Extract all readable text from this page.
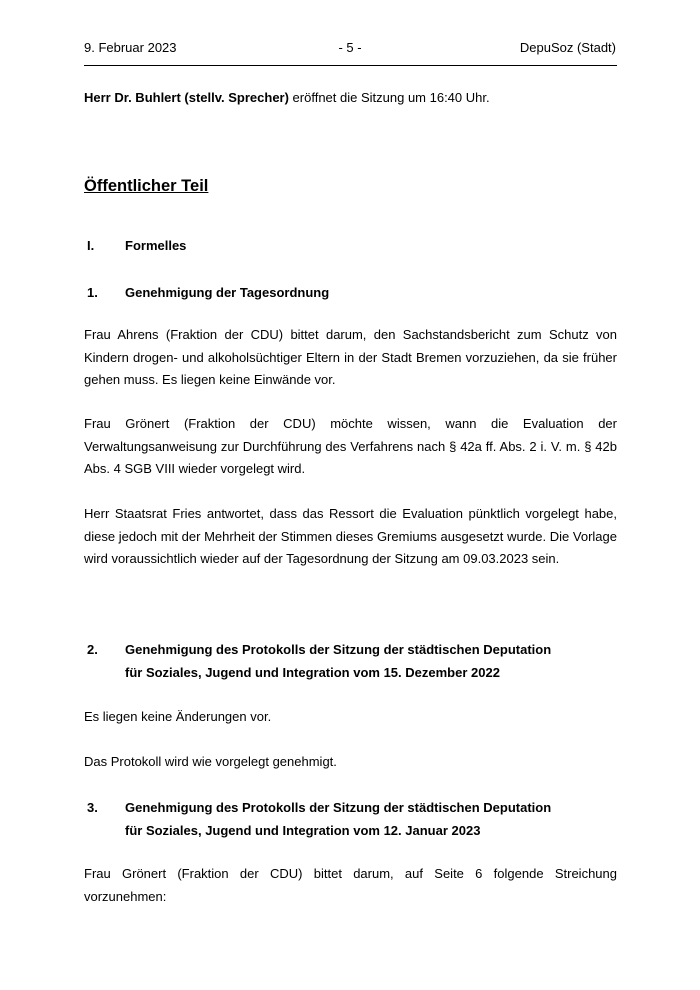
9. Februar 2023	- 5 -	DepuSoz (Stadt)
Herr Dr. Buhlert (stellv. Sprecher) eröffnet die Sitzung um 16:40 Uhr.
Öffentlicher Teil
I. Formelles
1. Genehmigung der Tagesordnung
Frau Ahrens (Fraktion der CDU) bittet darum, den Sachstandsbericht zum Schutz von Kindern drogen- und alkoholsüchtiger Eltern in der Stadt Bremen vorzuziehen, da sie früher gehen muss. Es liegen keine Einwände vor.
Frau Grönert (Fraktion der CDU) möchte wissen, wann die Evaluation der Verwaltungsanweisung zur Durchführung des Verfahrens nach § 42a ff. Abs. 2 i. V. m. § 42b Abs. 4 SGB VIII wieder vorgelegt wird.
Herr Staatsrat Fries antwortet, dass das Ressort die Evaluation pünktlich vorgelegt habe, diese jedoch mit der Mehrheit der Stimmen dieses Gremiums ausgesetzt wurde. Die Vorlage wird voraussichtlich wieder auf der Tagesordnung der Sitzung am 09.03.2023 sein.
2. Genehmigung des Protokolls der Sitzung der städtischen Deputation für Soziales, Jugend und Integration vom 15. Dezember 2022
Es liegen keine Änderungen vor.
Das Protokoll wird wie vorgelegt genehmigt.
3. Genehmigung des Protokolls der Sitzung der städtischen Deputation für Soziales, Jugend und Integration vom 12. Januar 2023
Frau Grönert (Fraktion der CDU) bittet darum, auf Seite 6 folgende Streichung vorzunehmen:
